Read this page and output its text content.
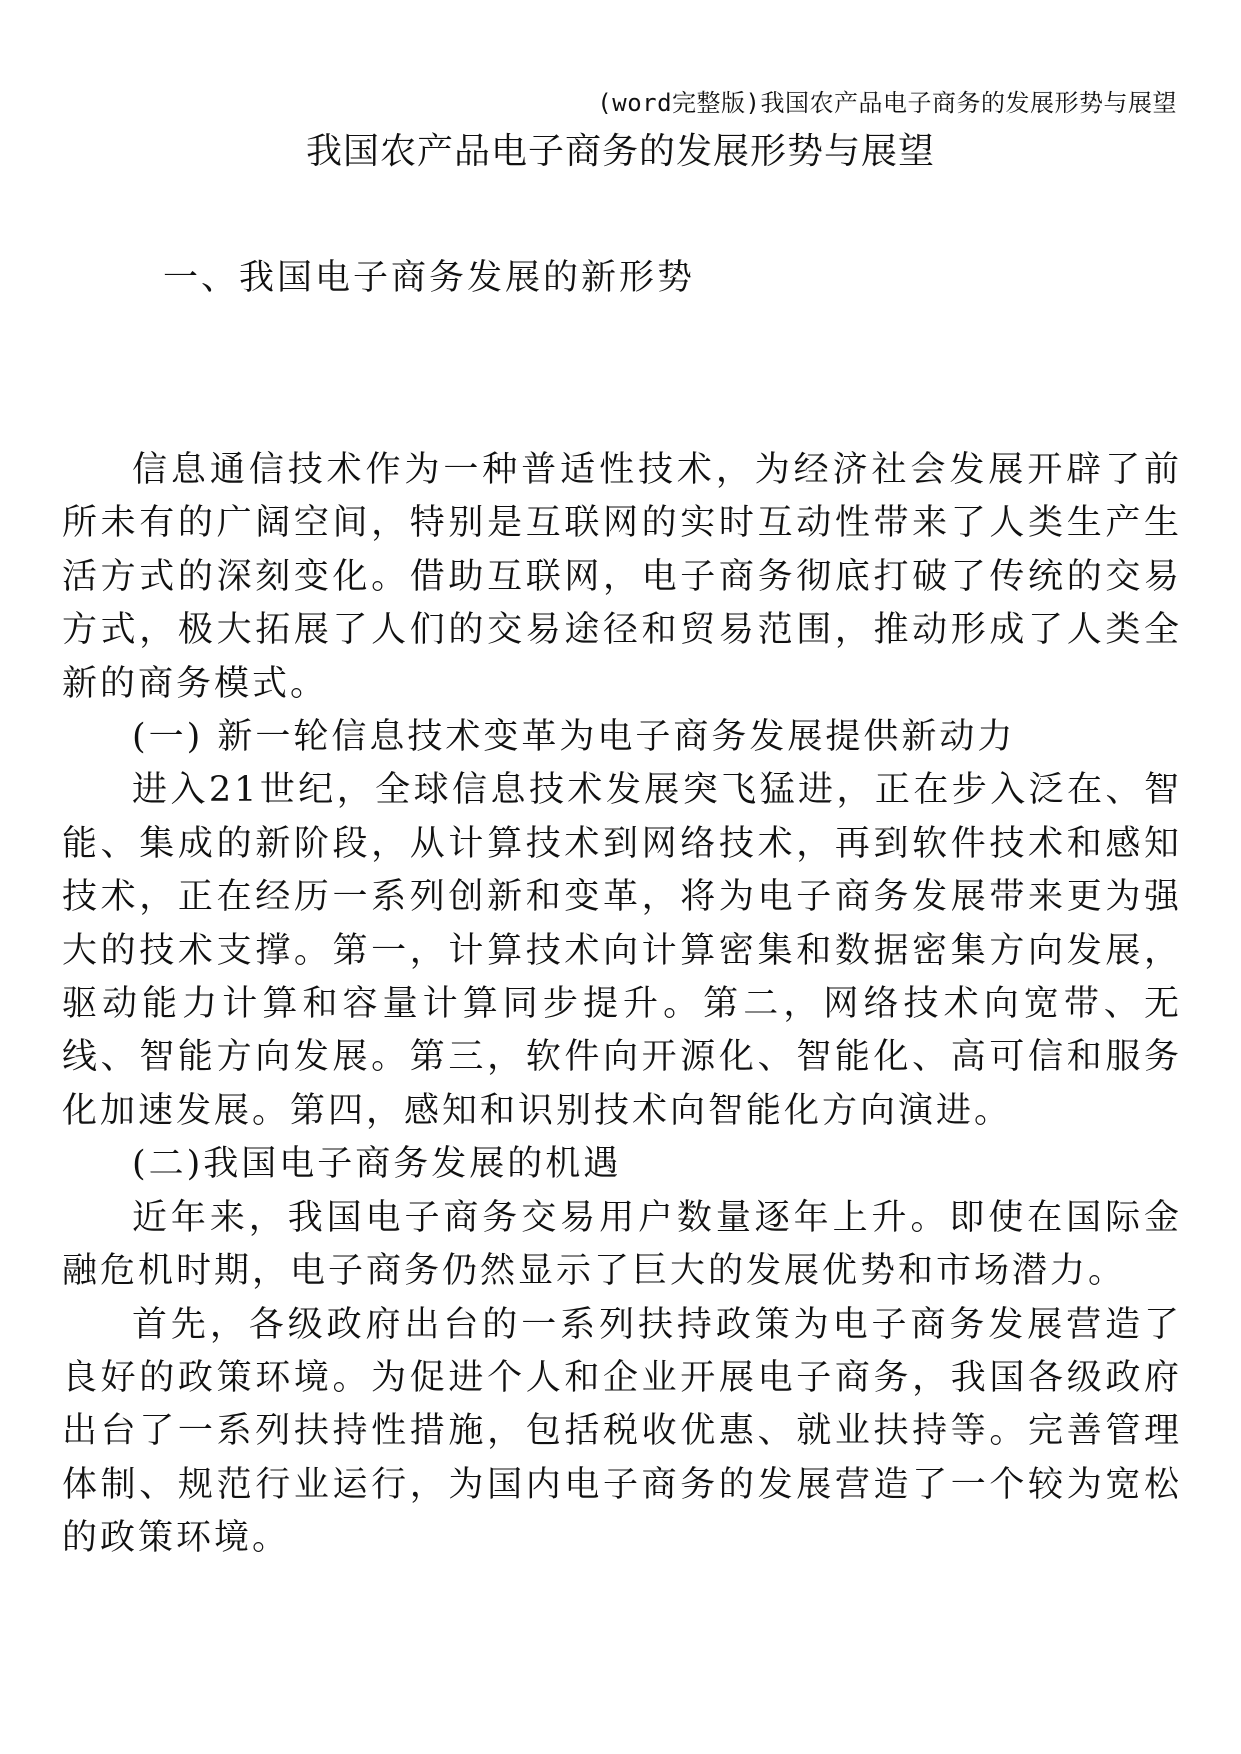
(word完整版)我国农产品电子商务的发展形势与展望
我国农产品电子商务的发展形势与展望
一、我国电子商务发展的新形势

信息通信技术作为一种普适性技术，为经济社会发展开辟了前所未有的广阔空间，特别是互联网的实时互动性带来了人类生产生活方式的深刻变化。借助互联网，电子商务彻底打破了传统的交易方式，极大拓展了人们的交易途径和贸易范围，推动形成了人类全新的商务模式。

(一) 新一轮信息技术变革为电子商务发展提供新动力

进入21世纪，全球信息技术发展突飞猛进，正在步入泛在、智能、集成的新阶段，从计算技术到网络技术，再到软件技术和感知技术，正在经历一系列创新和变革，将为电子商务发展带来更为强大的技术支撑。第一，计算技术向计算密集和数据密集方向发展，驱动能力计算和容量计算同步提升。第二，网络技术向宽带、无线、智能方向发展。第三，软件向开源化、智能化、高可信和服务化加速发展。第四，感知和识别技术向智能化方向演进。

(二)我国电子商务发展的机遇

近年来，我国电子商务交易用户数量逐年上升。即使在国际金融危机时期，电子商务仍然显示了巨大的发展优势和市场潜力。

首先，各级政府出台的一系列扶持政策为电子商务发展营造了良好的政策环境。为促进个人和企业开展电子商务，我国各级政府出台了一系列扶持性措施，包括税收优惠、就业扶持等。完善管理体制、规范行业运行，为国内电子商务的发展营造了一个较为宽松的政策环境。
